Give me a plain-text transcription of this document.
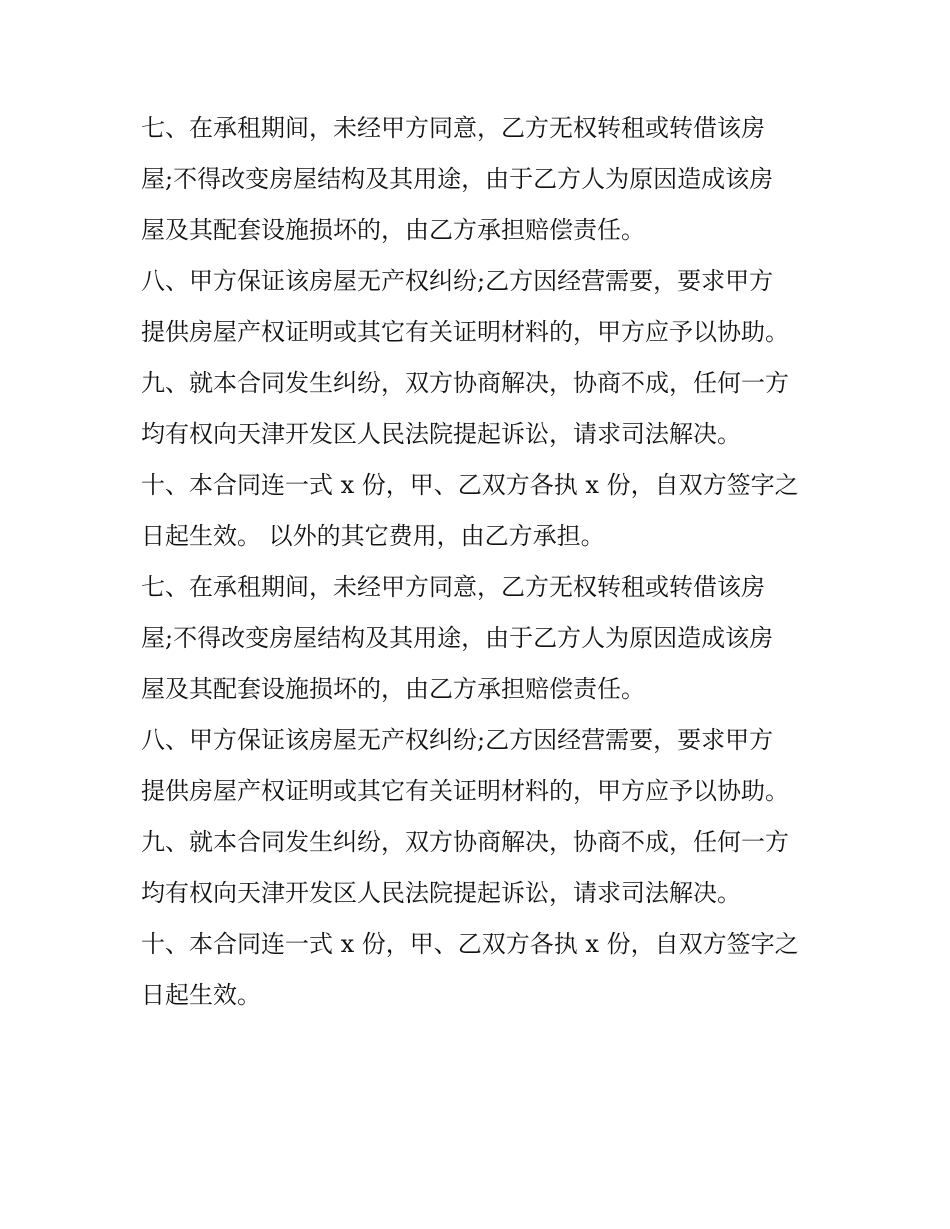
七、在承租期间，未经甲方同意，乙方无权转租或转借该房

屋;不得改变房屋结构及其用途，由于乙方人为原因造成该房

屋及其配套设施损坏的，由乙方承担赔偿责任。

八、甲方保证该房屋无产权纠纷;乙方因经营需要，要求甲方

提供房屋产权证明或其它有关证明材料的，甲方应予以协助。

九、就本合同发生纠纷，双方协商解决，协商不成，任何一方

均有权向天津开发区人民法院提起诉讼，请求司法解决。

十、本合同连一式 x 份，甲、乙双方各执 x 份，自双方签字之

日起生效。 以外的其它费用，由乙方承担。

七、在承租期间，未经甲方同意，乙方无权转租或转借该房

屋;不得改变房屋结构及其用途，由于乙方人为原因造成该房

屋及其配套设施损坏的，由乙方承担赔偿责任。

八、甲方保证该房屋无产权纠纷;乙方因经营需要，要求甲方

提供房屋产权证明或其它有关证明材料的，甲方应予以协助。

九、就本合同发生纠纷，双方协商解决，协商不成，任何一方

均有权向天津开发区人民法院提起诉讼，请求司法解决。

十、本合同连一式 x 份，甲、乙双方各执 x 份，自双方签字之

日起生效。
